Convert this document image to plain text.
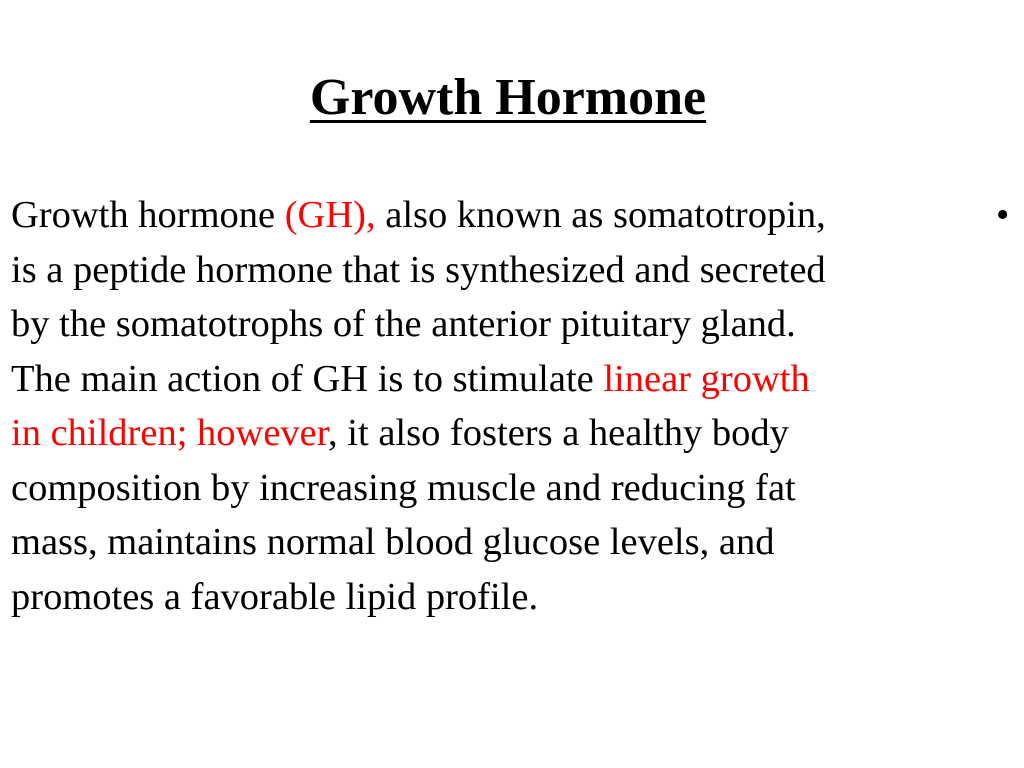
Growth Hormone
•

Growth hormone (GH), also known as somatotropin,
is a peptide hormone that is synthesized and secreted
by the somatotrophs of the anterior pituitary gland.
The main action of GH is to stimulate linear growth
in children; however, it also fosters a healthy body
composition by increasing muscle and reducing fat
mass, maintains normal blood glucose levels, and
promotes a favorable lipid profile.
